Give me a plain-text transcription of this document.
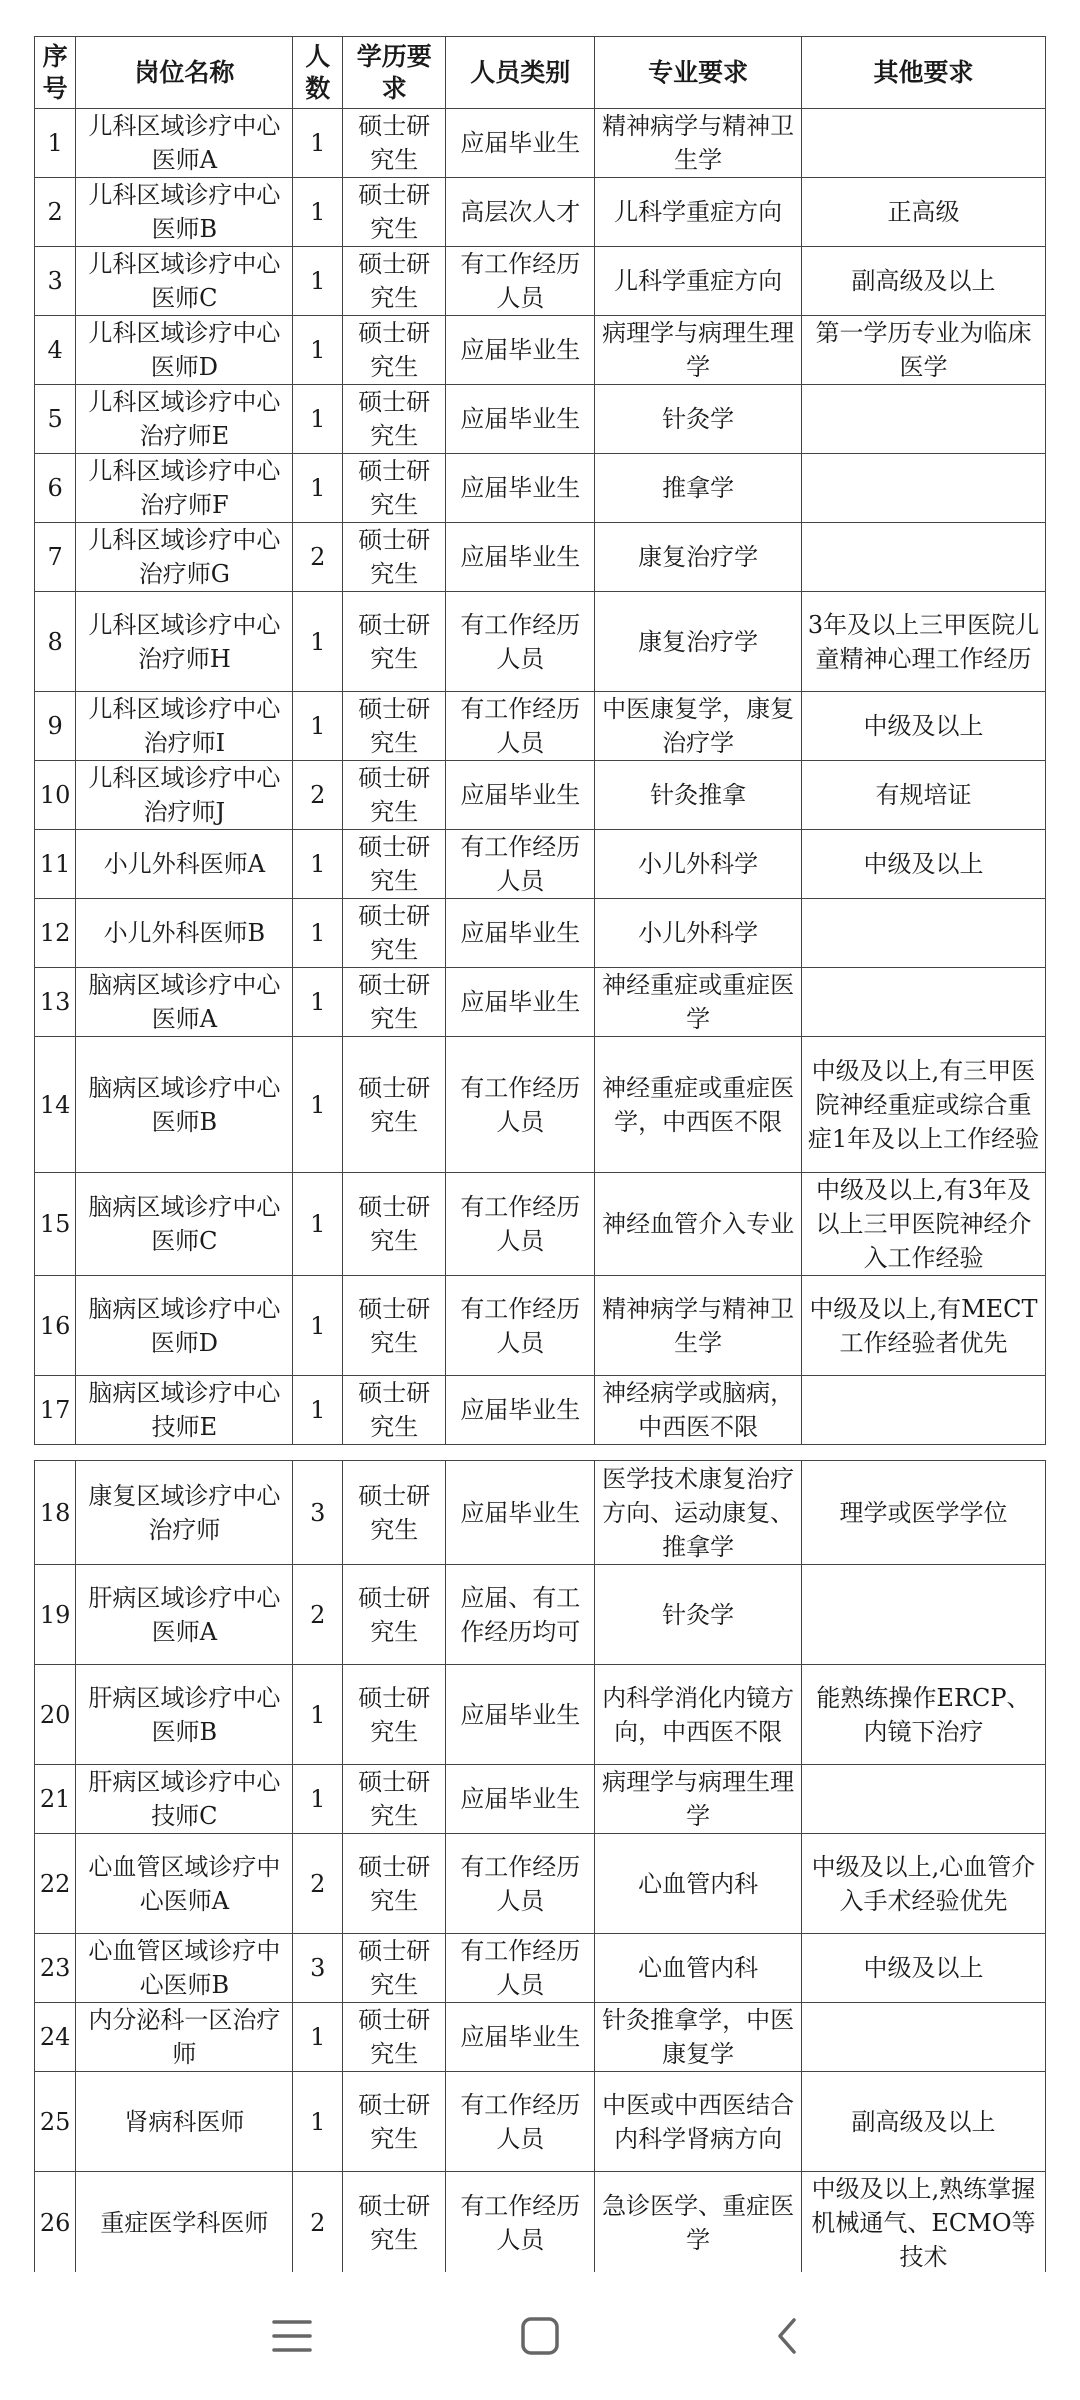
序号	岗位名称	人数	学历要求	人员类别	专业要求	其他要求
1	儿科区域诊疗中心医师A	1	硕士研究生	应届毕业生	精神病学与精神卫生学	
2	儿科区域诊疗中心医师B	1	硕士研究生	高层次人才	儿科学重症方向	正高级
3	儿科区域诊疗中心医师C	1	硕士研究生	有工作经历人员	儿科学重症方向	副高级及以上
4	儿科区域诊疗中心医师D	1	硕士研究生	应届毕业生	病理学与病理生理学	第一学历专业为临床医学
5	儿科区域诊疗中心治疗师E	1	硕士研究生	应届毕业生	针灸学	
6	儿科区域诊疗中心治疗师F	1	硕士研究生	应届毕业生	推拿学	
7	儿科区域诊疗中心治疗师G	2	硕士研究生	应届毕业生	康复治疗学	
8	儿科区域诊疗中心治疗师H	1	硕士研究生	有工作经历人员	康复治疗学	3年及以上三甲医院儿童精神心理工作经历
9	儿科区域诊疗中心治疗师I	1	硕士研究生	有工作经历人员	中医康复学，康复治疗学	中级及以上
10	儿科区域诊疗中心治疗师J	2	硕士研究生	应届毕业生	针灸推拿	有规培证
11	小儿外科医师A	1	硕士研究生	有工作经历人员	小儿外科学	中级及以上
12	小儿外科医师B	1	硕士研究生	应届毕业生	小儿外科学	
13	脑病区域诊疗中心医师A	1	硕士研究生	应届毕业生	神经重症或重症医学	
14	脑病区域诊疗中心医师B	1	硕士研究生	有工作经历人员	神经重症或重症医学，中西医不限	中级及以上,有三甲医院神经重症或综合重症1年及以上工作经验
15	脑病区域诊疗中心医师C	1	硕士研究生	有工作经历人员	神经血管介入专业	中级及以上,有3年及以上三甲医院神经介入工作经验
16	脑病区域诊疗中心医师D	1	硕士研究生	有工作经历人员	精神病学与精神卫生学	中级及以上,有MECT工作经验者优先
17	脑病区域诊疗中心技师E	1	硕士研究生	应届毕业生	神经病学或脑病，中西医不限	
18	康复区域诊疗中心治疗师	3	硕士研究生	应届毕业生	医学技术康复治疗方向、运动康复、推拿学	理学或医学学位
19	肝病区域诊疗中心医师A	2	硕士研究生	应届、有工作经历均可	针灸学	
20	肝病区域诊疗中心医师B	1	硕士研究生	应届毕业生	内科学消化内镜方向，中西医不限	能熟练操作ERCP、内镜下治疗
21	肝病区域诊疗中心技师C	1	硕士研究生	应届毕业生	病理学与病理生理学	
22	心血管区域诊疗中心医师A	2	硕士研究生	有工作经历人员	心血管内科	中级及以上,心血管介入手术经验优先
23	心血管区域诊疗中心医师B	3	硕士研究生	有工作经历人员	心血管内科	中级及以上
24	内分泌科一区治疗师	1	硕士研究生	应届毕业生	针灸推拿学，中医康复学	
25	肾病科医师	1	硕士研究生	有工作经历人员	中医或中西医结合内科学肾病方向	副高级及以上
26	重症医学科医师	2	硕士研究生	有工作经历人员	急诊医学、重症医学	中级及以上,熟练掌握机械通气、ECMO等技术
